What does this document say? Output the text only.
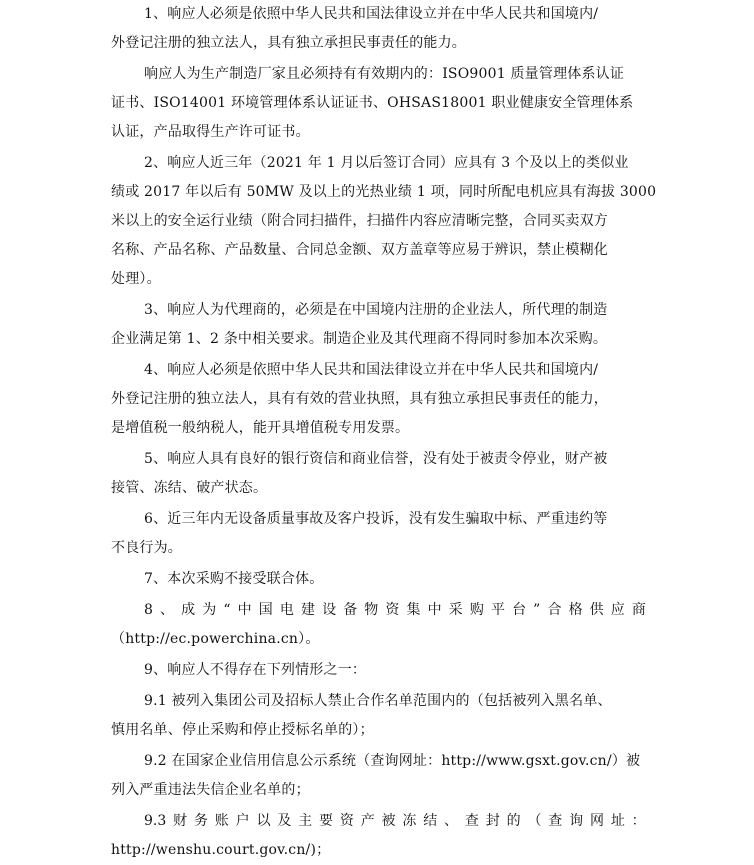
1、响应人必须是依照中华人民共和国法律设立并在中华人民共和国境内/

外登记注册的独立法人，具有独立承担民事责任的能力。

响应人为生产制造厂家且必须持有有效期内的：ISO9001 质量管理体系认证

证书、ISO14001 环境管理体系认证证书、OHSAS18001 职业健康安全管理体系

认证，产品取得生产许可证书。

2、响应人近三年（2021 年 1 月以后签订合同）应具有 3 个及以上的类似业

绩或 2017 年以后有 50MW 及以上的光热业绩 1 项，同时所配电机应具有海拔 3000

米以上的安全运行业绩（附合同扫描件，扫描件内容应清晰完整，合同买卖双方

名称、产品名称、产品数量、合同总金额、双方盖章等应易于辨识，禁止模糊化

处理）。

3、响应人为代理商的，必须是在中国境内注册的企业法人，所代理的制造

企业满足第 1、2 条中相关要求。制造企业及其代理商不得同时参加本次采购。

4、响应人必须是依照中华人民共和国法律设立并在中华人民共和国境内/

外登记注册的独立法人，具有有效的营业执照，具有独立承担民事责任的能力，

是增值税一般纳税人，能开具增值税专用发票。

5、响应人具有良好的银行资信和商业信誉，没有处于被责令停业，财产被

接管、冻结、破产状态。

6、近三年内无设备质量事故及客户投诉，没有发生骗取中标、严重违约等

不良行为。

7、本次采购不接受联合体。

8 、 成 为 “ 中 国 电 建 设 备 物 资 集 中 采 购 平 台 ” 合 格 供 应 商

（http://ec.powerchina.cn）。

9、响应人不得存在下列情形之一：

9.1 被列入集团公司及招标人禁止合作名单范围内的（包括被列入黑名单、

慎用名单、停止采购和停止授标名单的）；

9.2 在国家企业信用信息公示系统（查询网址：http://www.gsxt.gov.cn/）被

列入严重违法失信企业名单的；

9.3 财 务 账 户 以 及 主 要 资 产 被 冻 结 、 查 封 的 （ 查 询 网 址 ：

http://wenshu.court.gov.cn/)；
